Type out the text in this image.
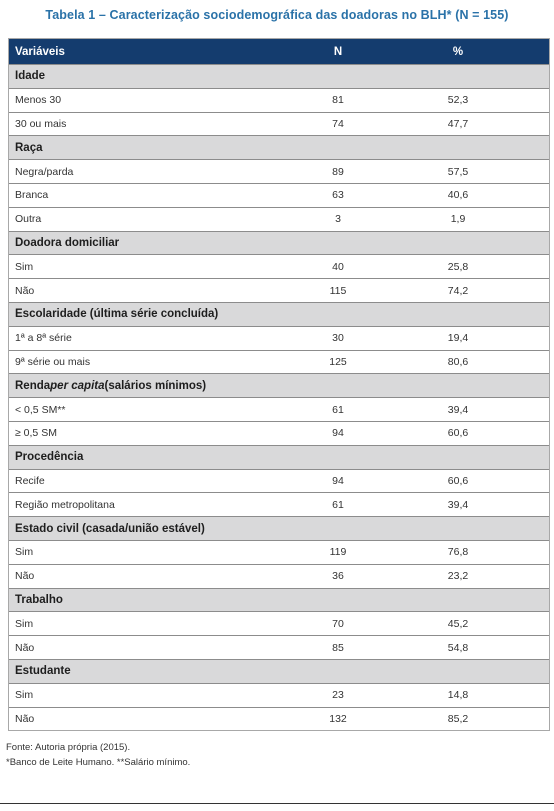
Tabela 1 – Caracterização sociodemográfica das doadoras no BLH* (N = 155)
Variáveis	N	%
Idade
Menos 30	81	52,3
30 ou mais	74	47,7
Raça
Negra/parda	89	57,5
Branca	63	40,6
Outra	3	1,9
Doadora domiciliar
Sim	40	25,8
Não	115	74,2
Escolaridade (última série concluída)
1ª a 8ª série	30	19,4
9ª série ou mais	125	80,6
Renda per capita (salários mínimos)
< 0,5 SM**	61	39,4
≥ 0,5 SM	94	60,6
Procedência
Recife	94	60,6
Região metropolitana	61	39,4
Estado civil (casada/união estável)
Sim	119	76,8
Não	36	23,2
Trabalho
Sim	70	45,2
Não	85	54,8
Estudante
Sim	23	14,8
Não	132	85,2
Fonte: Autoria própria (2015).
*Banco de Leite Humano. **Salário mínimo.
